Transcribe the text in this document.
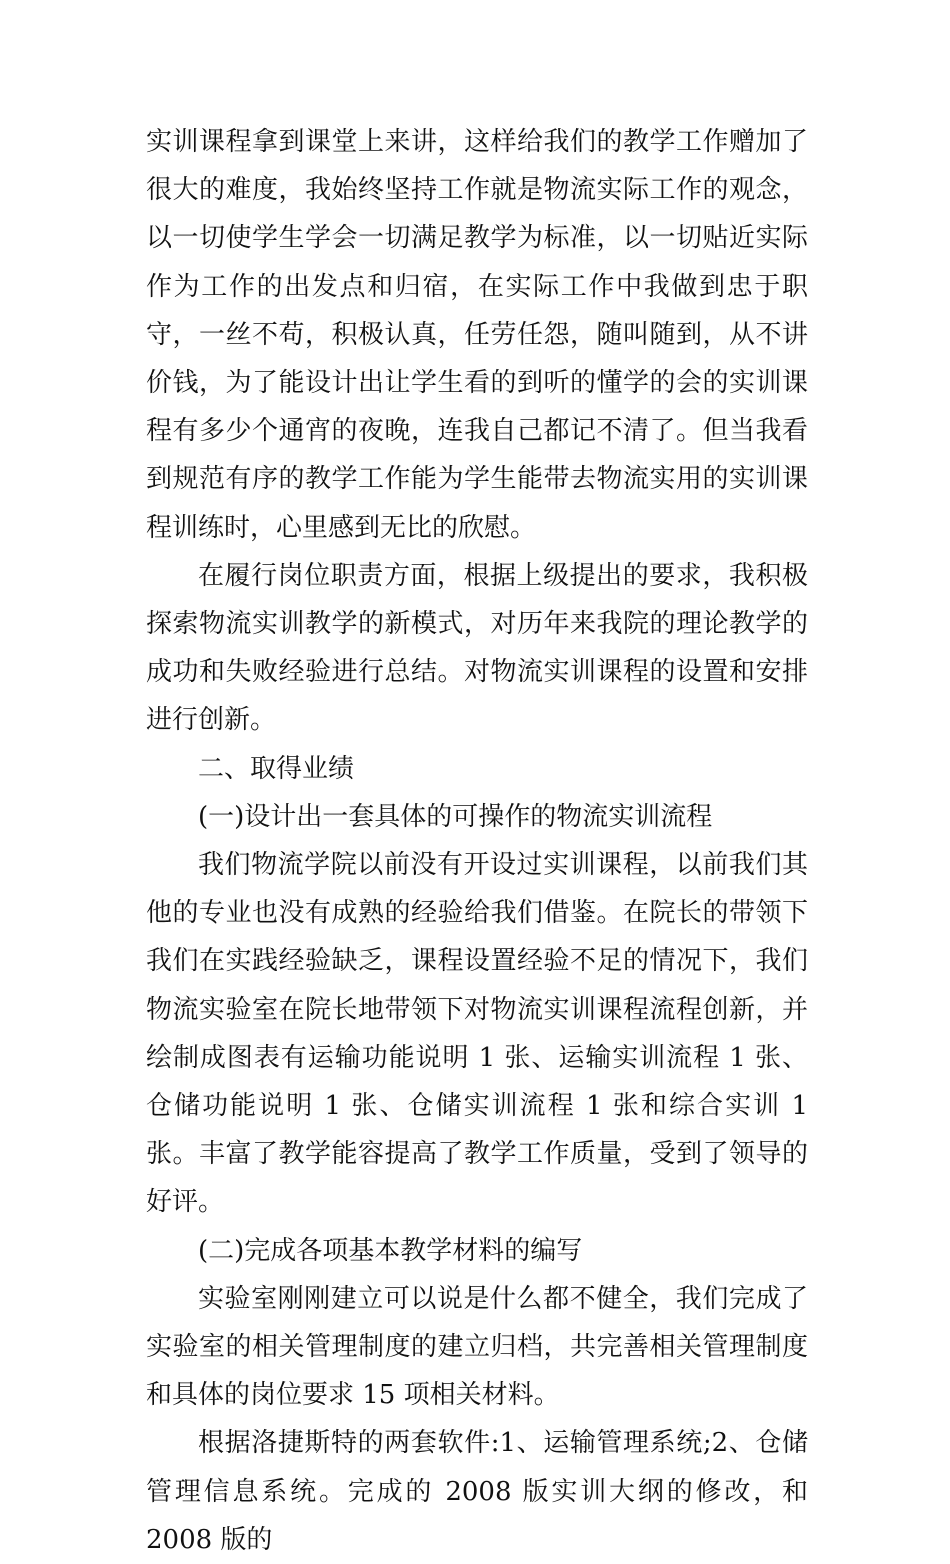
实训课程拿到课堂上来讲，这样给我们的教学工作赠加了很大的难度，我始终坚持工作就是物流实际工作的观念，以一切使学生学会一切满足教学为标准，以一切贴近实际作为工作的出发点和归宿，在实际工作中我做到忠于职守，一丝不苟，积极认真，任劳任怨，随叫随到，从不讲价钱，为了能设计出让学生看的到听的懂学的会的实训课程有多少个通宵的夜晚，连我自己都记不清了。但当我看到规范有序的教学工作能为学生能带去物流实用的实训课程训练时，心里感到无比的欣慰。

在履行岗位职责方面，根据上级提出的要求，我积极探索物流实训教学的新模式，对历年来我院的理论教学的成功和失败经验进行总结。对物流实训课程的设置和安排进行创新。

二、取得业绩

(一)设计出一套具体的可操作的物流实训流程

我们物流学院以前没有开设过实训课程，以前我们其他的专业也没有成熟的经验给我们借鉴。在院长的带领下我们在实践经验缺乏，课程设置经验不足的情况下，我们物流实验室在院长地带领下对物流实训课程流程创新，并绘制成图表有运输功能说明 1 张、运输实训流程 1 张、仓储功能说明 1 张、仓储实训流程 1 张和综合实训 1 张。丰富了教学能容提高了教学工作质量，受到了领导的好评。

(二)完成各项基本教学材料的编写

实验室刚刚建立可以说是什么都不健全，我们完成了实验室的相关管理制度的建立归档，共完善相关管理制度和具体的岗位要求 15 项相关材料。

根据洛捷斯特的两套软件:1、运输管理系统;2、仓储管理信息系统。完成的 2008 版实训大纲的修改，和 2008 版的
